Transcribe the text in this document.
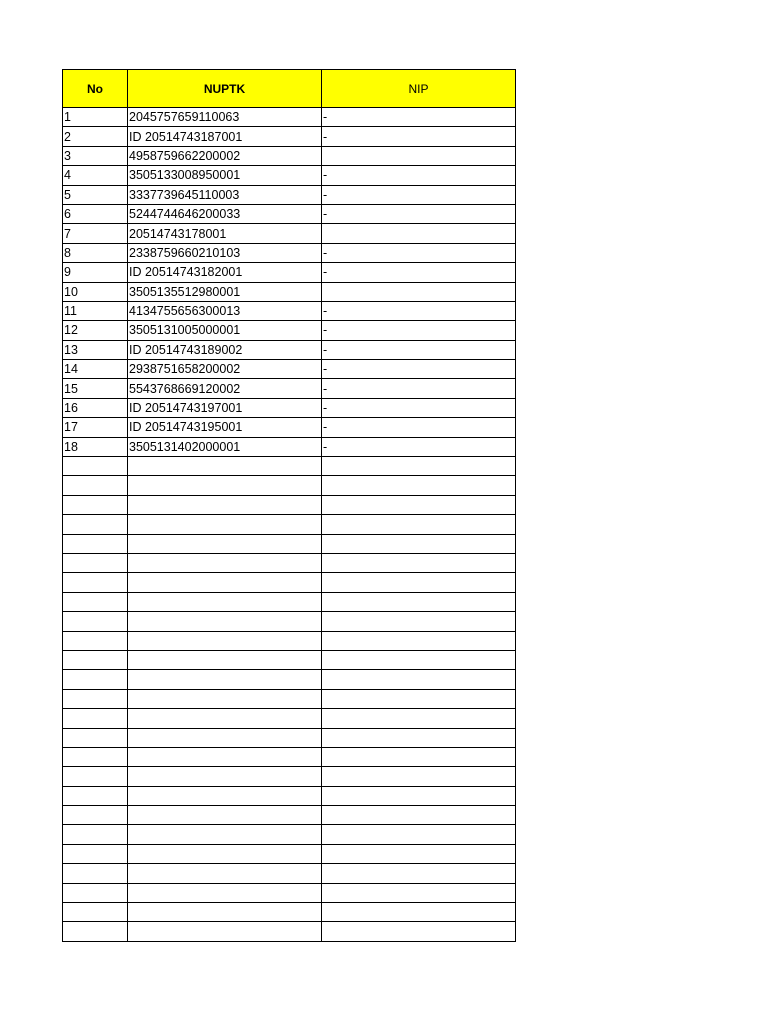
No	NUPTK	NIP
1	2045757659110063	-
2	ID 20514743187001	-
3	4958759662200002	
4	3505133008950001	-
5	3337739645110003	-
6	5244744646200033	-
7	20514743178001	
8	2338759660210103	-
9	ID 20514743182001	-
10	3505135512980001	
11	4134755656300013	-
12	3505131005000001	-
13	ID 20514743189002	-
14	2938751658200002	-
15	5543768669120002	-
16	ID 20514743197001	-
17	ID 20514743195001	-
18	3505131402000001	-
